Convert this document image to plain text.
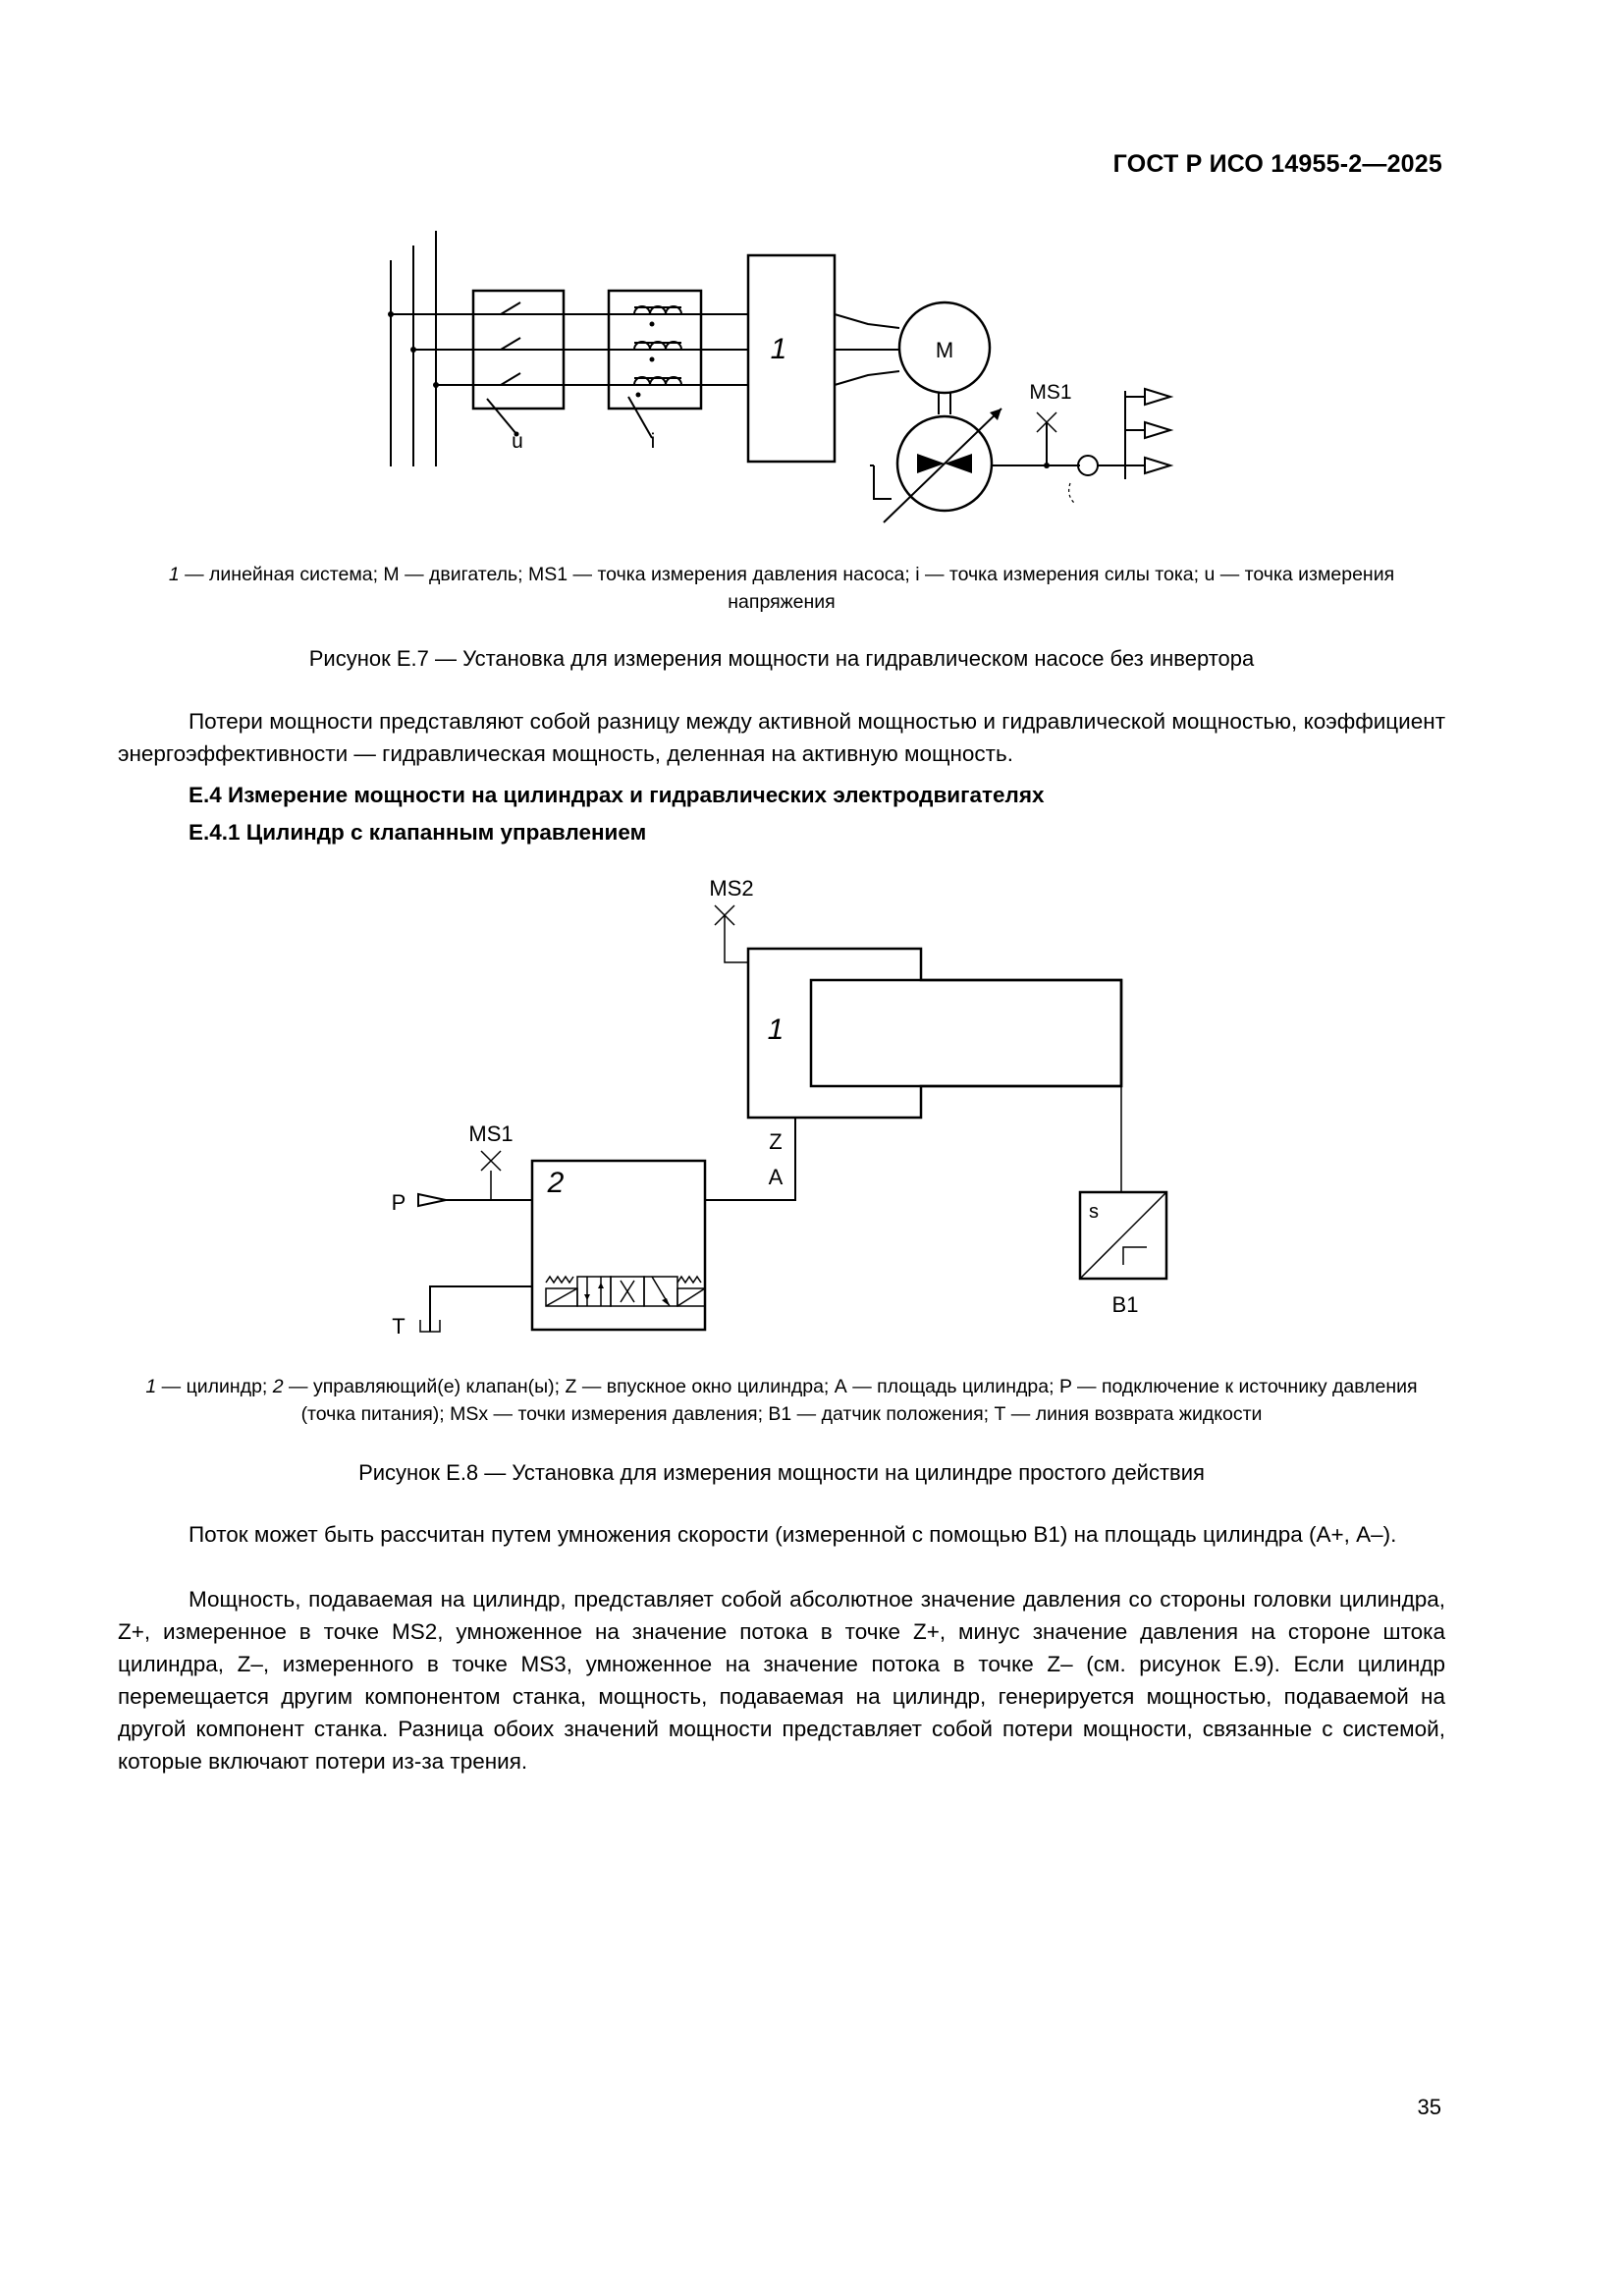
ГОСТ Р ИСО 14955-2—2025
1	M
MS1
u	i
1 — линейная система; М — двигатель; MS1 — точка измерения давления насоса; i — точка измерения силы тока; u — точка измерения напряжения
Рисунок Е.7 — Установка для измерения мощности на гидравлическом насосе без инвертора

Потери мощности представляют собой разницу между активной мощностью и гидравлической мощностью, коэффициент энергоэффективности — гидравлическая мощность, деленная на активную мощность.

Е.4 Измерение мощности на цилиндрах и гидравлических электродвигателях
Е.4.1 Цилиндр с клапанным управлением
MS2
MS1
1
2
Z
A
P
T
s
B1
1 — цилиндр; 2 — управляющий(е) клапан(ы); Z — впускное окно цилиндра; А — площадь цилиндра; P — подключение к источнику давления (точка питания); MSx — точки измерения давления; B1 — датчик положения; Т — линия возврата жидкости
Рисунок Е.8 — Установка для измерения мощности на цилиндре простого действия

Поток может быть рассчитан путем умножения скорости (измеренной с помощью B1) на площадь цилиндра (А+, А–).

Мощность, подаваемая на цилиндр, представляет собой абсолютное значение давления со стороны головки цилиндра, Z+, измеренное в точке MS2, умноженное на значение потока в точке Z+, минус значение давления на стороне штока цилиндра, Z–, измеренного в точке MS3, умноженное на значение потока в точке Z– (см. рисунок Е.9). Если цилиндр перемещается другим компонентом станка, мощность, подаваемая на цилиндр, генерируется мощностью, подаваемой на другой компонент станка. Разница обоих значений мощности представляет собой потери мощности, связанные с системой, которые включают потери из-за трения.

35
